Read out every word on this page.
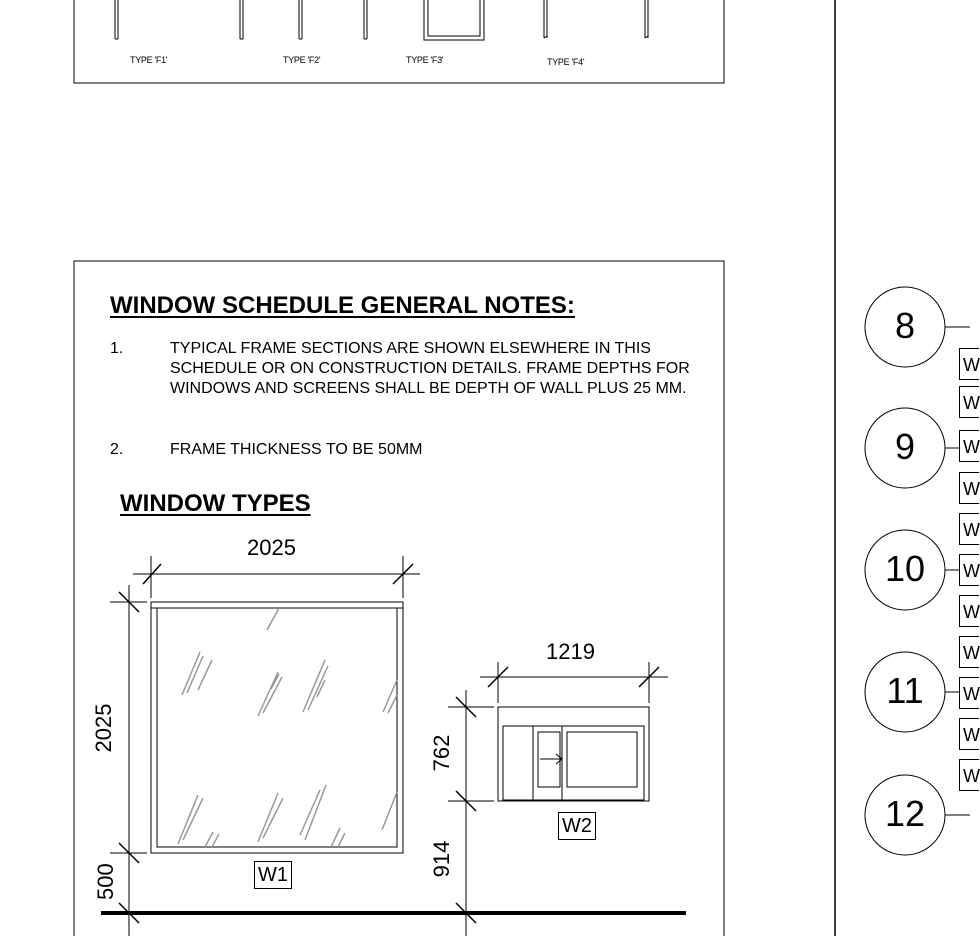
TYPE 'F1'	TYPE 'F2'	TYPE 'F3'	TYPE 'F4'
WINDOW SCHEDULE GENERAL NOTES:
1.	TYPICAL FRAME SECTIONS ARE SHOWN ELSEWHERE IN THIS SCHEDULE OR ON CONSTRUCTION DETAILS. FRAME DEPTHS FOR WINDOWS AND SCREENS SHALL BE DEPTH OF WALL PLUS 25 MM.
2.	FRAME THICKNESS TO BE 50MM
WINDOW TYPES
2025
2025
500	W1
1219
762
914
W2
8
9
10
11
12
W
W
W
W
W
W
W
W
W
W
W
